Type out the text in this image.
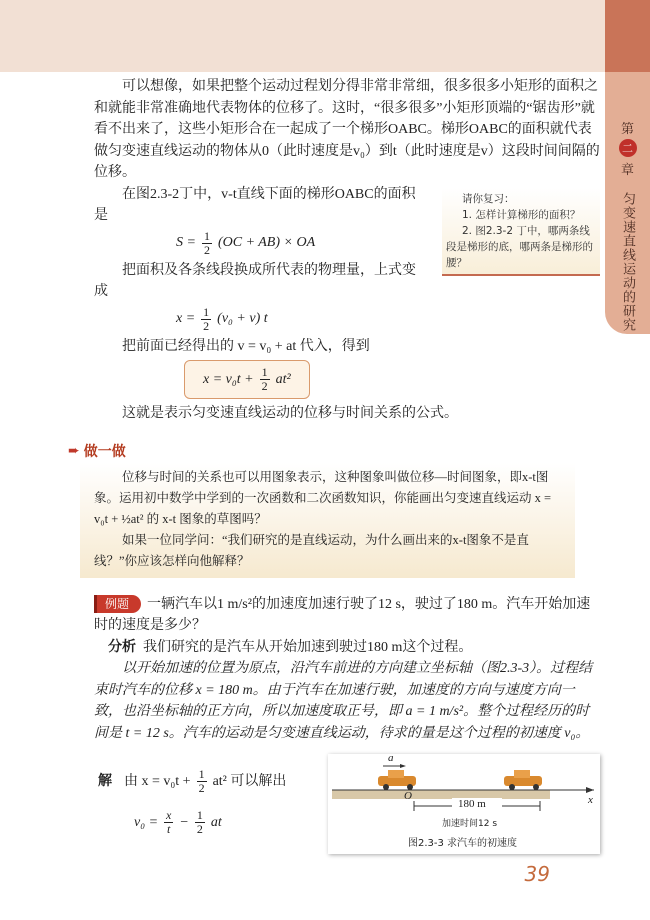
第
二
章
匀变速直线运动的研究

可以想像，如果把整个运动过程划分得非常非常细，很多很多小矩形的面积之和就能非常准确地代表物体的位移了。这时，“很多很多”小矩形顶端的“锯齿形”就看不出来了，这些小矩形合在一起成了一个梯形OABC。梯形OABC的面积就代表做匀变速直线运动的物体从0（此时速度是v₀）到t（此时速度是v）这段时间间隔的位移。

在图2.3-2丁中，v-t直线下面的梯形OABC的面积是

$S = \frac{1}{2} (OC + AB)$ × OA

把面积及各条线段换成所代表的物理量，上式变成

$x = \frac{1}{2} (v_0 + v)$ t

把前面已经得出的 v = v₀ + at 代入，得到

$x = v_0t + \frac{1}{2} at^2$
请你复习：
1. 怎样计算梯形的面积？
2. 图2.3-2 丁中，哪两条线段是梯形的底，哪两条是梯形的腰？

这就是表示匀变速直线运动的位移与时间关系的公式。

➨ 做一做

位移与时间的关系也可以用图象表示，这种图象叫做位移—时间图象，即x-t图象。运用初中数学中学到的一次函数和二次函数知识，你能画出匀变速直线运动 x = v₀t + ½at² 的 x-t 图象的草图吗？

如果一位同学问：“我们研究的是直线运动，为什么画出来的x-t图象不是直线？”你应该怎样向他解释？

例题 一辆汽车以1 m/s²的加速度加速行驶了12 s，驶过了180 m。汽车开始加速时的速度是多少？

分析 我们研究的是汽车从开始加速到驶过180 m这个过程。

以开始加速的位置为原点，沿汽车前进的方向建立坐标轴（图2.3-3）。过程结束时汽车的位移 x = 180 m。由于汽车在加速行驶，加速度的方向与速度方向一致，也沿坐标轴的正方向，所以加速度取正号，即 a = 1 m/s²。整个过程经历的时间是 t = 12 s。汽车的运动是匀变速直线运动，待求的量是这个过程的初速度 v₀。

解 由 $x = v_0t + \frac{1}{2} at^2$ 可以解出
$v_0 = \frac{x}{t} - \frac{1}{2}$ at
a
O	x
180 m
加速时间12 s
图2.3-3 求汽车的初速度
39
